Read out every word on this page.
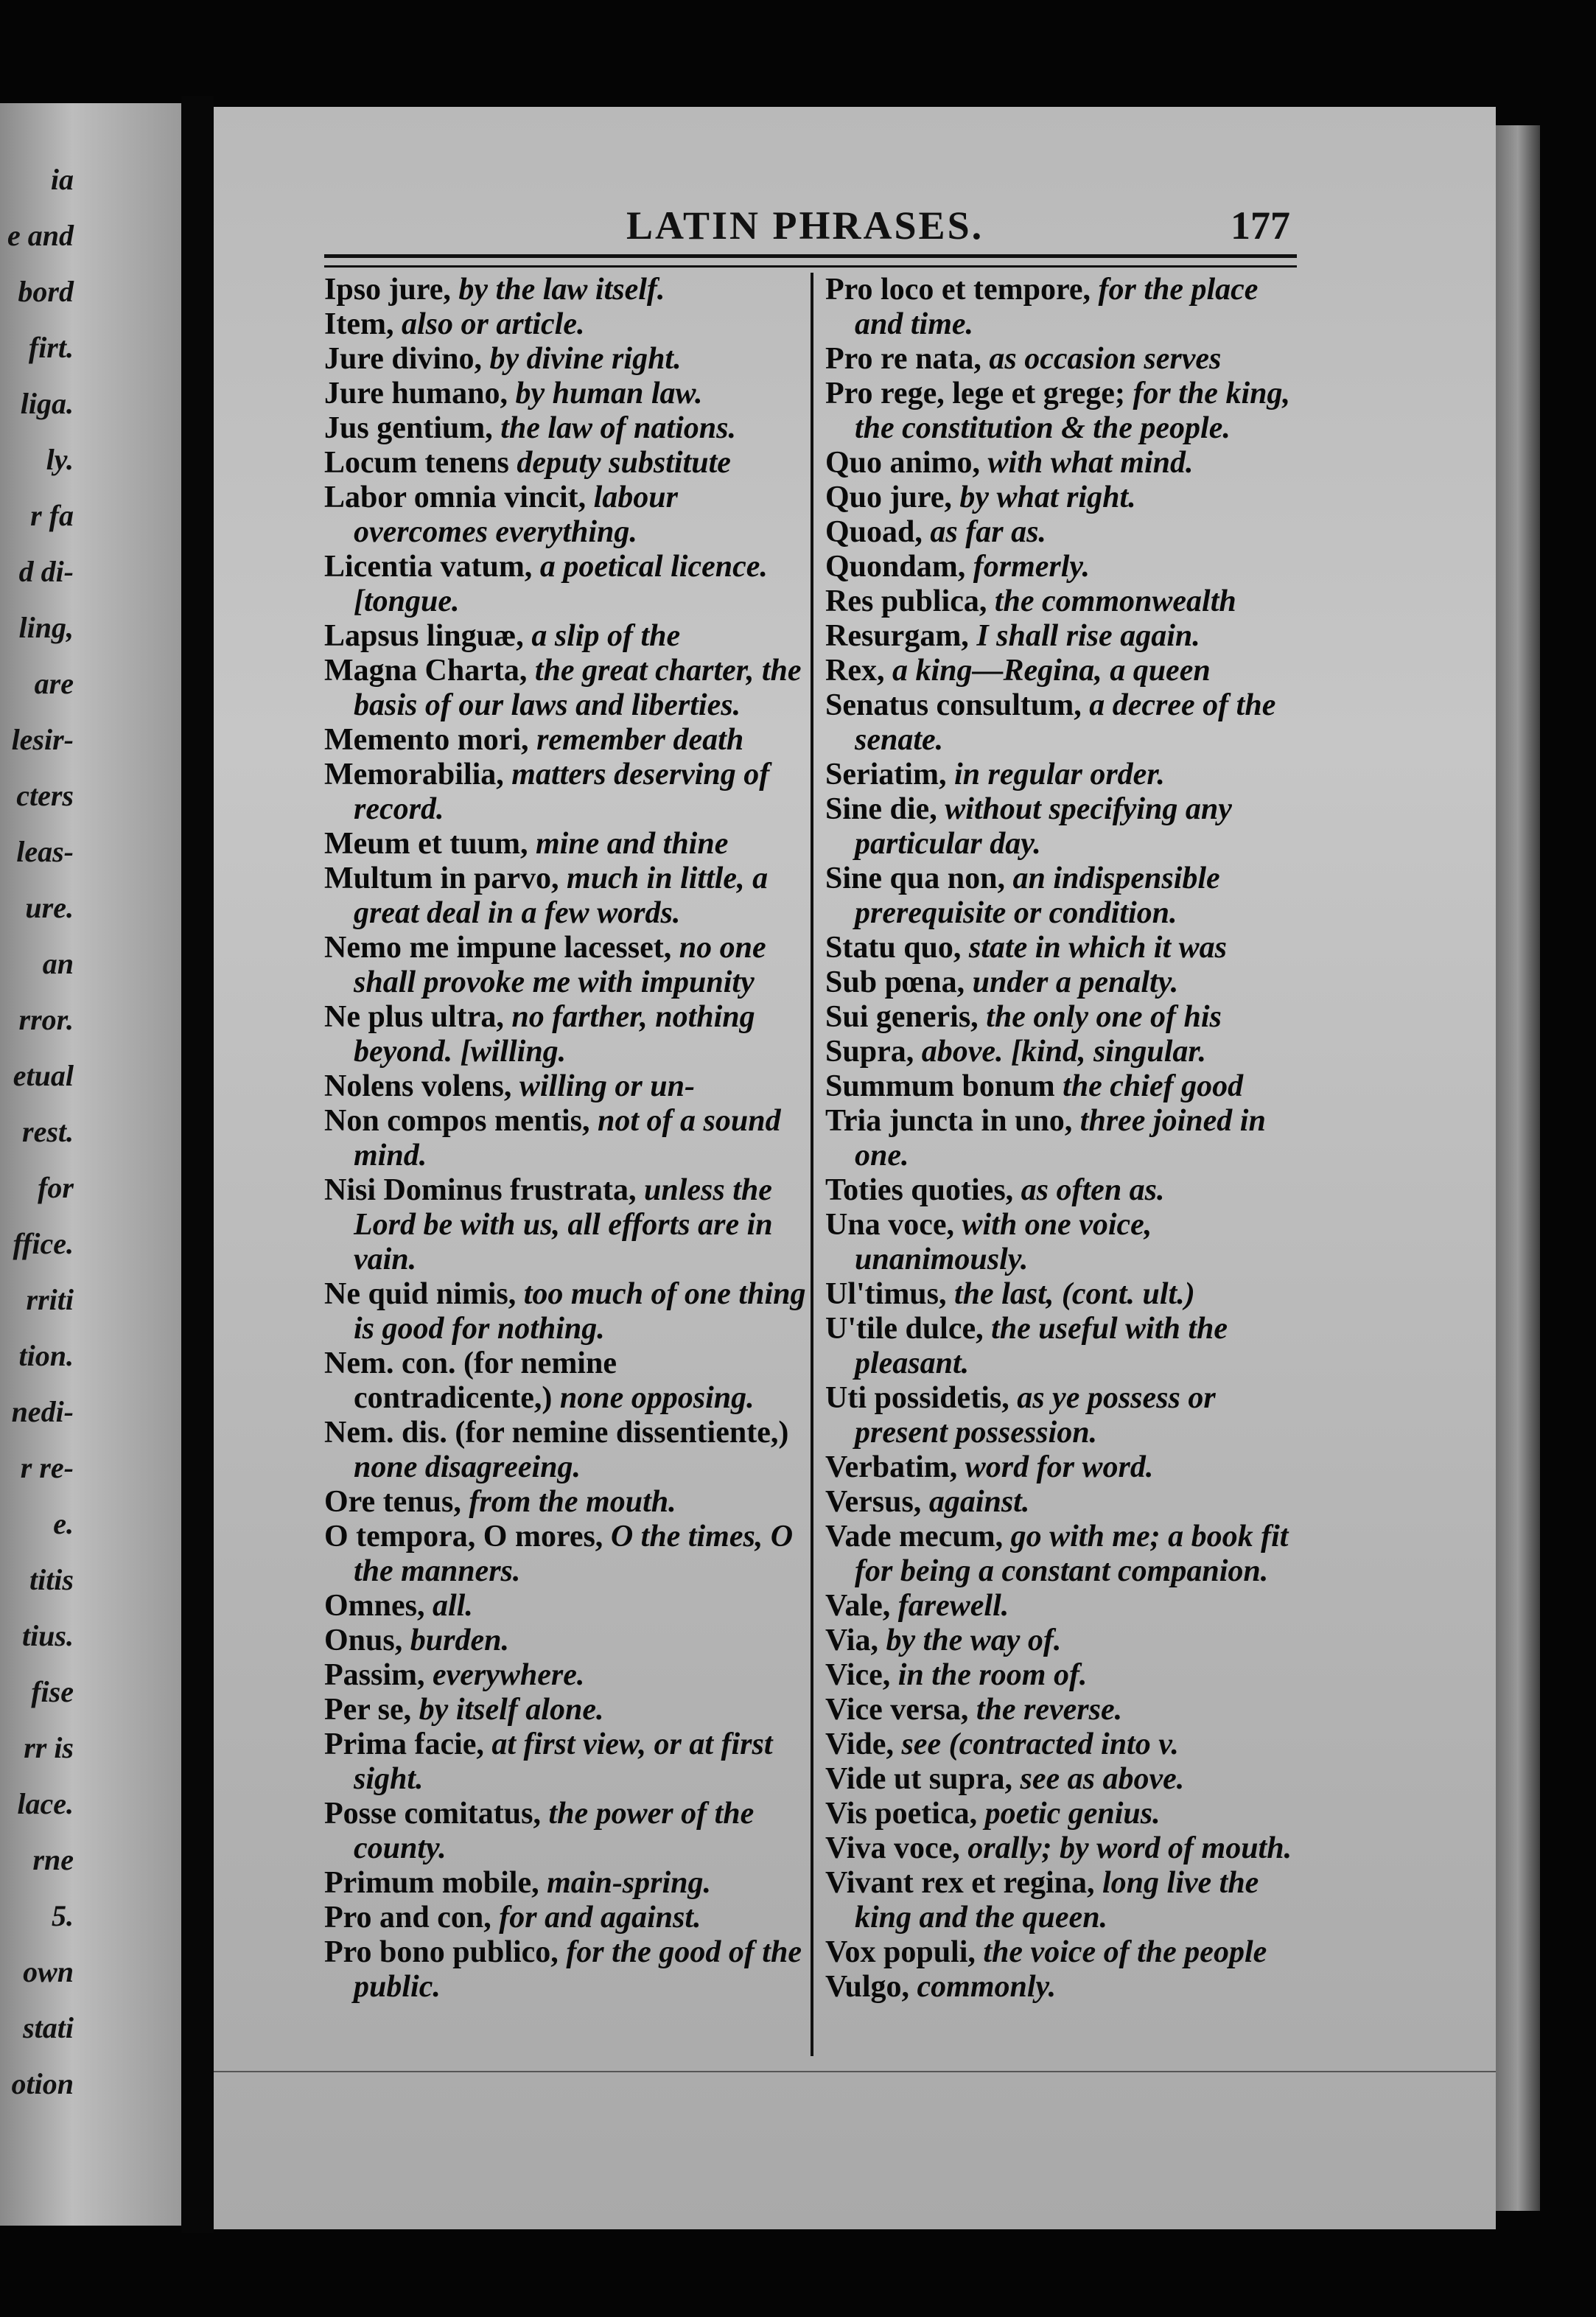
ia
e and
bord
firt.
liga.
ly.
r fa
d di-
ling,
are
lesir-
cters
leas-
ure.
an
rror.
etual
rest.
for
ffice.
rriti
tion.
nedi-
r re-
e.
titis
tius.
fise
rr is
lace.
rne
5.
own
stati
otion
LATIN PHRASES.	177

Ipso jure, by the law itself.

Item, also or article.

Jure divino, by divine right.

Jure humano, by human law.

Jus gentium, the law of nations.

Locum tenens deputy substitute

Labor omnia vincit, labour overcomes everything.

Licentia vatum, a poetical licence. [tongue.

Lapsus linguæ, a slip of the

Magna Charta, the great charter, the basis of our laws and liberties.

Memento mori, remember death

Memorabilia, matters deserving of record.

Meum et tuum, mine and thine

Multum in parvo, much in little, a great deal in a few words.

Nemo me impune lacesset, no one shall provoke me with impunity

Ne plus ultra, no farther, nothing beyond. [willing.

Nolens volens, willing or un-

Non compos mentis, not of a sound mind.

Nisi Dominus frustrata, unless the Lord be with us, all efforts are in vain.

Ne quid nimis, too much of one thing is good for nothing.

Nem. con. (for nemine contradicente,) none opposing.

Nem. dis. (for nemine dissentiente,) none disagreeing.

Ore tenus, from the mouth.

O tempora, O mores, O the times, O the manners.

Omnes, all.

Onus, burden.

Passim, everywhere.

Per se, by itself alone.

Prima facie, at first view, or at first sight.

Posse comitatus, the power of the county.

Primum mobile, main-spring.

Pro and con, for and against.

Pro bono publico, for the good of the public.

Pro loco et tempore, for the place and time.

Pro re nata, as occasion serves

Pro rege, lege et grege; for the king, the constitution & the people.

Quo animo, with what mind.

Quo jure, by what right.

Quoad, as far as.

Quondam, formerly.

Res publica, the commonwealth

Resurgam, I shall rise again.

Rex, a king—Regina, a queen

Senatus consultum, a decree of the senate.

Seriatim, in regular order.

Sine die, without specifying any particular day.

Sine qua non, an indispensible prerequisite or condition.

Statu quo, state in which it was

Sub pœna, under a penalty.

Sui generis, the only one of his

Supra, above. [kind, singular.

Summum bonum the chief good

Tria juncta in uno, three joined in one.

Toties quoties, as often as.

Una voce, with one voice, unanimously.

Ul'timus, the last, (cont. ult.)

U'tile dulce, the useful with the pleasant.

Uti possidetis, as ye possess or present possession.

Verbatim, word for word.

Versus, against.

Vade mecum, go with me; a book fit for being a constant companion.

Vale, farewell.

Via, by the way of.

Vice, in the room of.

Vice versa, the reverse.

Vide, see (contracted into v.

Vide ut supra, see as above.

Vis poetica, poetic genius.

Viva voce, orally; by word of mouth.

Vivant rex et regina, long live the king and the queen.

Vox populi, the voice of the people

Vulgo, commonly.
